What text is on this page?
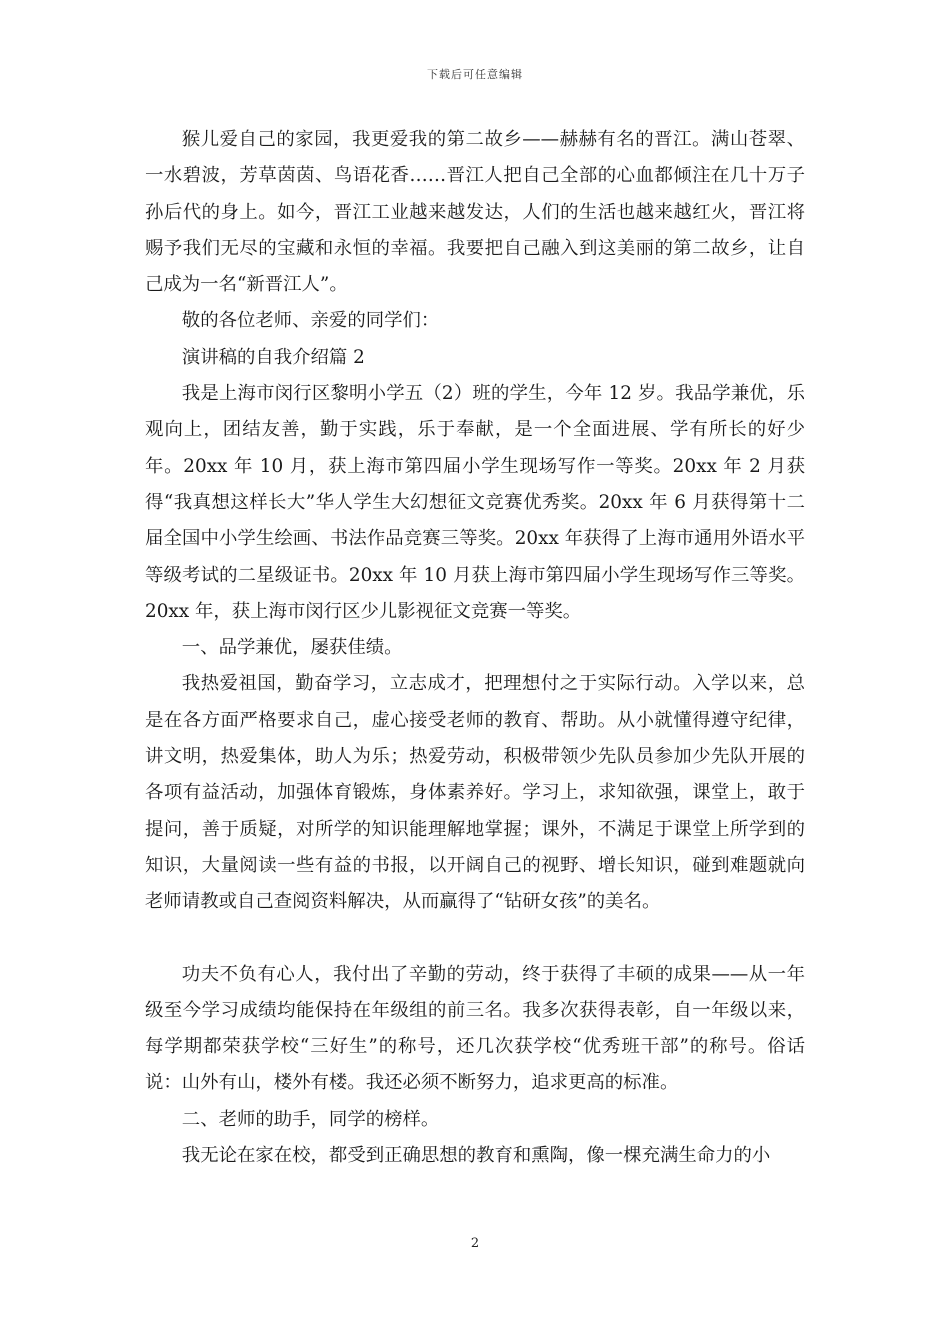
下载后可任意编辑

猴儿爱自己的家园，我更爱我的第二故乡——赫赫有名的晋江。满山苍翠、一水碧波，芳草茵茵、鸟语花香……晋江人把自己全部的心血都倾注在几十万子孙后代的身上。如今，晋江工业越来越发达，人们的生活也越来越红火，晋江将赐予我们无尽的宝藏和永恒的幸福。我要把自己融入到这美丽的第二故乡，让自己成为一名“新晋江人”。

敬的各位老师、亲爱的同学们：

演讲稿的自我介绍篇 2

我是上海市闵行区黎明小学五（2）班的学生，今年 12 岁。我品学兼优，乐观向上，团结友善，勤于实践，乐于奉献，是一个全面进展、学有所长的好少年。20xx 年 10 月，获上海市第四届小学生现场写作一等奖。20xx 年 2 月获得“我真想这样长大”华人学生大幻想征文竞赛优秀奖。20xx 年 6 月获得第十二届全国中小学生绘画、书法作品竞赛三等奖。20xx 年获得了上海市通用外语水平等级考试的二星级证书。20xx 年 10 月获上海市第四届小学生现场写作三等奖。20xx 年，获上海市闵行区少儿影视征文竞赛一等奖。

一、品学兼优，屡获佳绩。

我热爱祖国，勤奋学习，立志成才，把理想付之于实际行动。入学以来，总是在各方面严格要求自己，虚心接受老师的教育、帮助。从小就懂得遵守纪律，讲文明，热爱集体，助人为乐；热爱劳动，积极带领少先队员参加少先队开展的各项有益活动，加强体育锻炼，身体素养好。学习上，求知欲强，课堂上，敢于提问，善于质疑，对所学的知识能理解地掌握；课外，不满足于课堂上所学到的知识，大量阅读一些有益的书报，以开阔自己的视野、增长知识，碰到难题就向老师请教或自己查阅资料解决，从而赢得了“钻研女孩”的美名。

功夫不负有心人，我付出了辛勤的劳动，终于获得了丰硕的成果——从一年级至今学习成绩均能保持在年级组的前三名。我多次获得表彰，自一年级以来，每学期都荣获学校“三好生”的称号，还几次获学校“优秀班干部”的称号。俗话说：山外有山，楼外有楼。我还必须不断努力，追求更高的标准。

二、老师的助手，同学的榜样。

我无论在家在校，都受到正确思想的教育和熏陶，像一棵充满生命力的小

2
